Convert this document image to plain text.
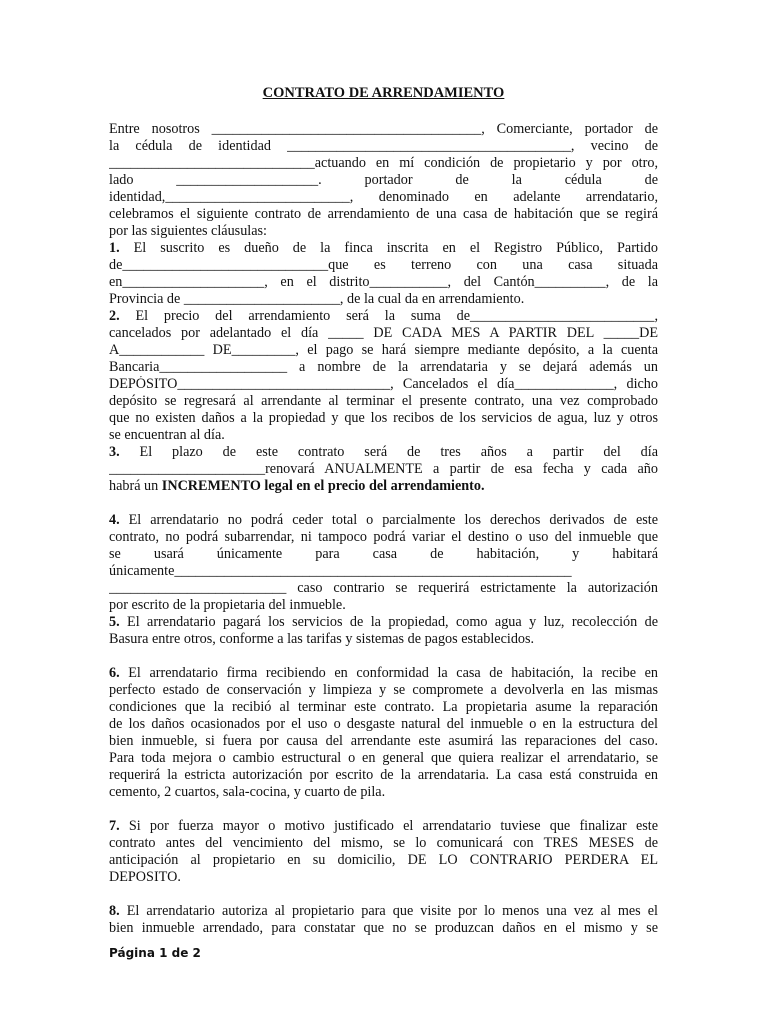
CONTRATO DE ARRENDAMIENTO
Entre nosotros ______________________________________, Comerciante, portador de
la cédula de identidad ________________________________________, vecino de
_____________________________actuando en mí condición de propietario y por otro,
lado ____________________. portador de la cédula de
identidad,__________________________, denominado en adelante arrendatario,
celebramos el siguiente contrato de arrendamiento de una casa de habitación que se regirá
por las siguientes cláusulas:
1. El suscrito es dueño de la finca inscrita en el Registro Público, Partido
de_____________________________que es terreno con una casa situada
en____________________, en el distrito___________, del Cantón__________, de la
Provincia de ______________________, de la cual da en arrendamiento.
2. El precio del arrendamiento será la suma de__________________________,
cancelados por adelantado el día _____ DE CADA MES A PARTIR DEL _____DE
A____________ DE_________, el pago se hará siempre mediante depósito, a la cuenta
Bancaria__________________ a nombre de la arrendataria y se dejará además un
DEPÓSITO______________________________, Cancelados el día______________, dicho
depósito se regresará al arrendante al terminar el presente contrato, una vez comprobado
que no existen daños a la propiedad y que los recibos de los servicios de agua, luz y otros
se encuentran al día.
3. El plazo de este contrato será de tres años a partir del día
______________________renovará ANUALMENTE a partir de esa fecha y cada año
habrá un INCREMENTO legal en el precio del arrendamiento.
4. El arrendatario no podrá ceder total o parcialmente los derechos derivados de este
contrato, no podrá subarrendar, ni tampoco podrá variar el destino o uso del inmueble que
se usará únicamente para casa de habitación, y habitará
únicamente________________________________________________________
_________________________ caso contrario se requerirá estrictamente la autorización
por escrito de la propietaria del inmueble.
5. El arrendatario pagará los servicios de la propiedad, como agua y luz, recolección de
Basura entre otros, conforme a las tarifas y sistemas de pagos establecidos.
6. El arrendatario firma recibiendo en conformidad la casa de habitación, la recibe en
perfecto estado de conservación y limpieza y se compromete a devolverla en las mismas
condiciones que la recibió al terminar este contrato. La propietaria asume la reparación
de los daños ocasionados por el uso o desgaste natural del inmueble o en la estructura del
bien inmueble, si fuera por causa del arrendante este asumirá las reparaciones del caso.
Para toda mejora o cambio estructural o en general que quiera realizar el arrendatario, se
requerirá la estricta autorización por escrito de la arrendataria. La casa está construida en
cemento, 2 cuartos, sala-cocina, y cuarto de pila.
7. Si por fuerza mayor o motivo justificado el arrendatario tuviese que finalizar este
contrato antes del vencimiento del mismo, se lo comunicará con TRES MESES de
anticipación al propietario en su domicilio, DE LO CONTRARIO PERDERA EL
DEPOSITO.
8. El arrendatario autoriza al propietario para que visite por lo menos una vez al mes el
bien inmueble arrendado, para constatar que no se produzcan daños en el mismo y se
Página 1 de 2
